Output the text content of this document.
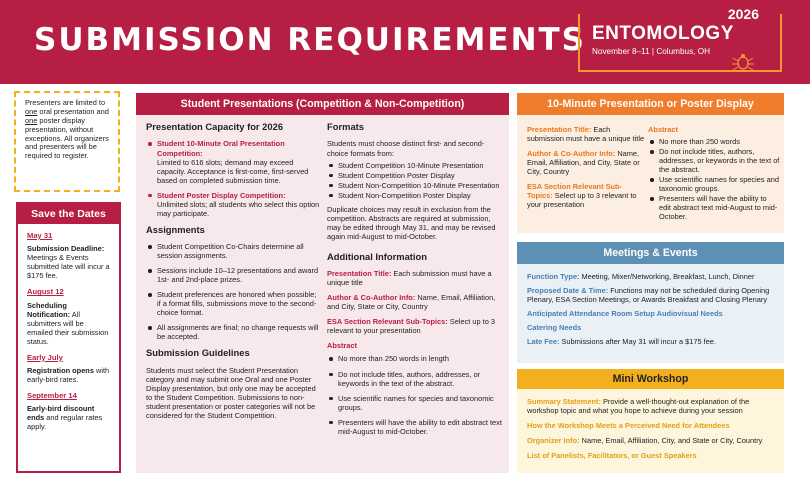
SUBMISSION REQUIREMENTS
2026
ENTOMOLOGY
November 8–11 | Columbus, OH
Presenters are limited to one oral presentation and one poster display presentation, without exceptions. All organizers and presenters will be required to register.
Save the Dates
May 31
Submission Deadline: Meetings & Events submitted late will incur a $175 fee.
August 12
Scheduling Notification: All submitters will be emailed their submission status.
Early July
Registration opens with early-bird rates.
September 14
Early-bird discount ends and regular rates apply.
Student Presentations (Competition & Non-Competition)
Presentation Capacity for 2026
Student 10-Minute Oral Presentation Competition:
Limited to 616 slots; demand may exceed capacity. Acceptance is first-come, first-served based on completed submission time.
Student Poster Display Competition:
Unlimited slots; all students who select this option may participate.
Assignments
Student Competition Co-Chairs determine all session assignments.
Sessions include 10–12 presentations and award 1st- and 2nd-place prizes.
Student preferences are honored when possible; if a format fills, submissions move to the second-choice format.
All assignments are final; no change requests will be accepted.
Submission Guidelines

Students must select the Student Presentation category and may submit one Oral and one Poster Display presentation, but only one may be accepted to the Student Competition. Submissions to non-student presentation or poster categories will not be considered for the Student Competition.

Formats

Students must choose distinct first- and second-choice formats from:

Student Competition 10-Minute Presentation
Student Competition Poster Display
Student Non-Competition 10-Minute Presentation
Student Non-Competition Poster Display

Duplicate choices may result in exclusion from the competition. Abstracts are required at submission, may be edited through May 31, and may be revised again mid-August to mid-October.

Additional Information

Presentation Title: Each submission must have a unique title

Author & Co-Author Info: Name, Email, Affiliation, and City, State or City, Country

ESA Section Relevant Sub-Topics: Select up to 3 relevant to your presentation

Abstract
No more than 250 words in length
Do not include titles, authors, addresses, or keywords in the text of the abstract.
Use scientific names for species and taxonomic groups.
Presenters will have the ability to edit abstract text mid-August to mid-October.
10-Minute Presentation or Poster Display

Presentation Title: Each submission must have a unique title

Author & Co-Author Info: Name, Email, Affiliation, and City, State or City, Country

ESA Section Relevant Sub-Topics: Select up to 3 relevant to your presentation

Abstract
No more than 250 words
Do not include titles, authors, addresses, or keywords in the text of the abstract.
Use scientific names for species and taxonomic groups.
Presenters will have the ability to edit abstract text mid-August to mid-October.
Meetings & Events

Function Type: Meeting, Mixer/Networking, Breakfast, Lunch, Dinner

Proposed Date & Time: Functions may not be scheduled during Opening Plenary, ESA Section Meetings, or Awards Breakfast and Closing Plenary

Anticipated Attendance Room Setup Audiovisual Needs

Catering Needs

Late Fee: Submissions after May 31 will incur a $175 fee.

Mini Workshop

Summary Statement: Provide a well-thought-out explanation of the workshop topic and what you hope to achieve during your session

How the Workshop Meets a Perceived Need for Attendees

Organizer Info: Name, Email, Affiliation, City, and State or City, Country

List of Panelists, Facilitators, or Guest Speakers
